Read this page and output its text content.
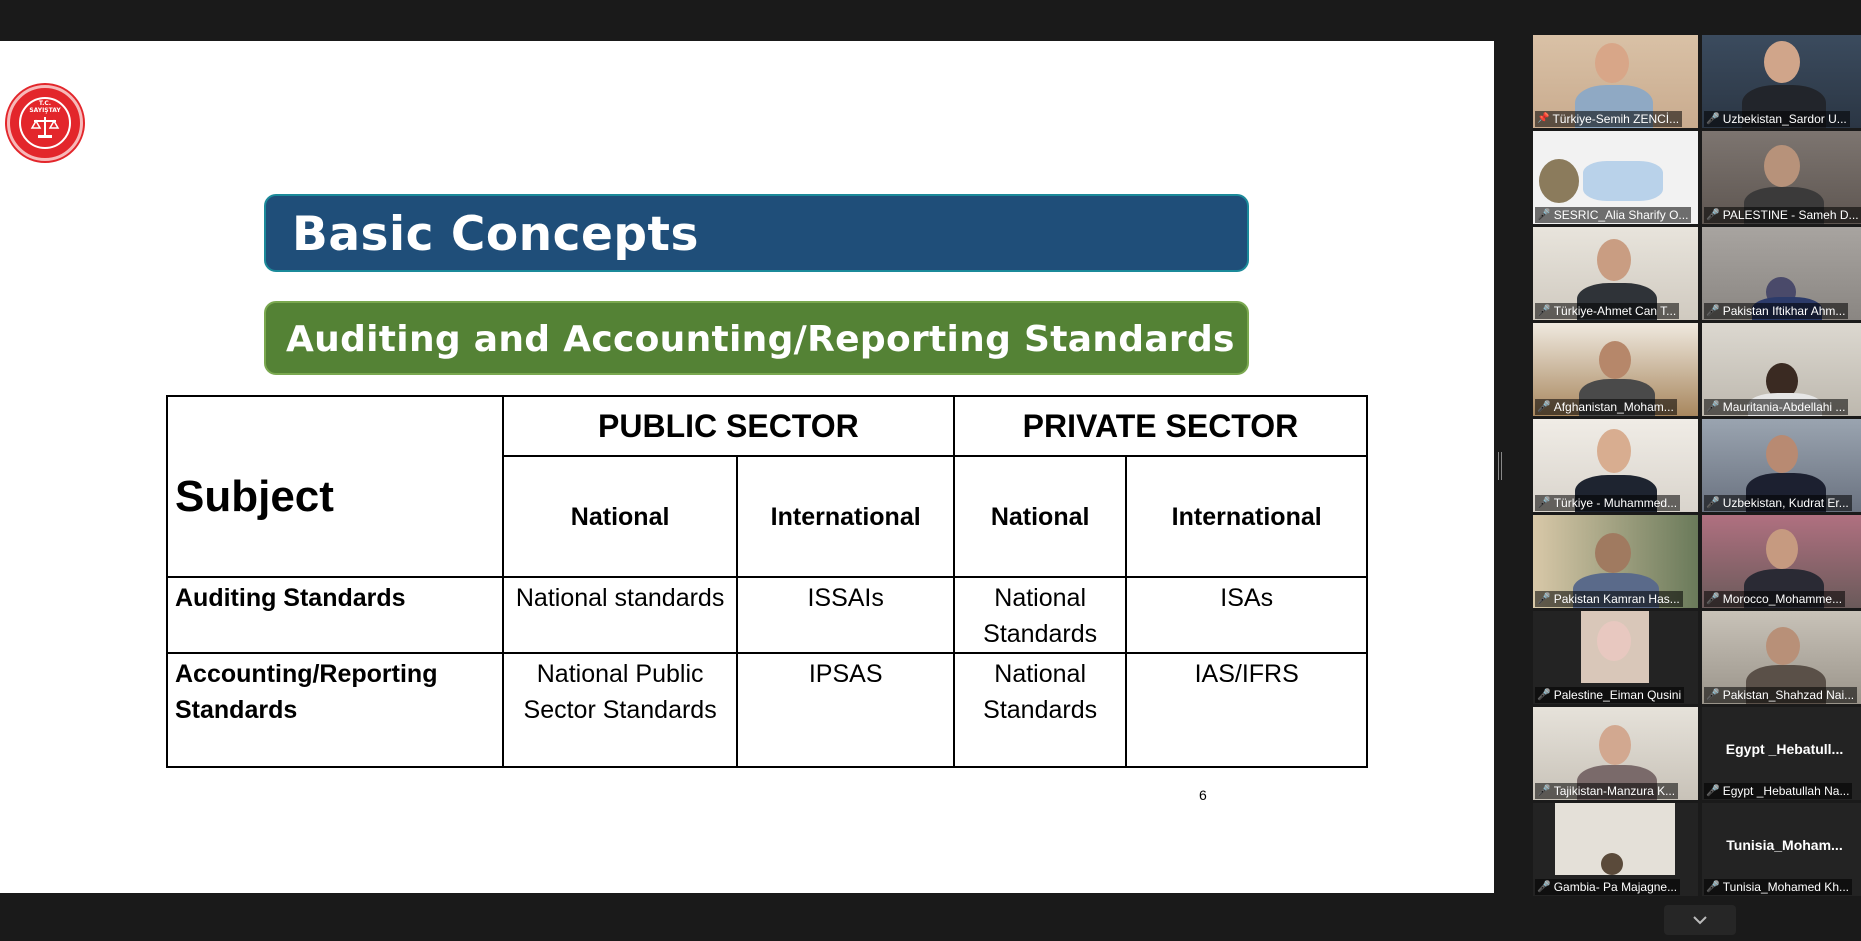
T.C.
SAYIŞTAY
Basic Concepts
Auditing and Accounting/Reporting Standards
Subject	PUBLIC SECTOR		PRIVATE SECTOR	
	National	International	National	International
Auditing Standards	National standards	ISSAIs	National Standards	ISAs
Accounting/Reporting Standards	National Public Sector Standards	IPSAS	National Standards	IAS/IFRS
6
📌 Türkiye-Semih ZENCİ... 🎤 Uzbekistan_Sardor U...
🎤 SESRIC_Alia Sharify O... 🎤 PALESTINE - Sameh D...
🎤 Türkiye-Ahmet Can T...	🎤 Pakistan Iftikhar Ahm...
🎤 Afghanistan_Moham...	🎤 Mauritania-Abdellahi ...
🎤 Türkiye - Muhammed...	🎤 Uzbekistan, Kudrat Er...
🎤 Pakistan Kamran Has... 🎤 Morocco_Mohamme...
🎤 Palestine_Eiman Qusini 🎤 Pakistan_Shahzad Nai...
🎤 Tajikistan-Manzura K...
Egypt _Hebatull...
🎤 Egypt _Hebatullah Na...
🎤 Gambia- Pa Majagne...
Tunisia_Moham...
🎤 Tunisia_Mohamed Kh...
